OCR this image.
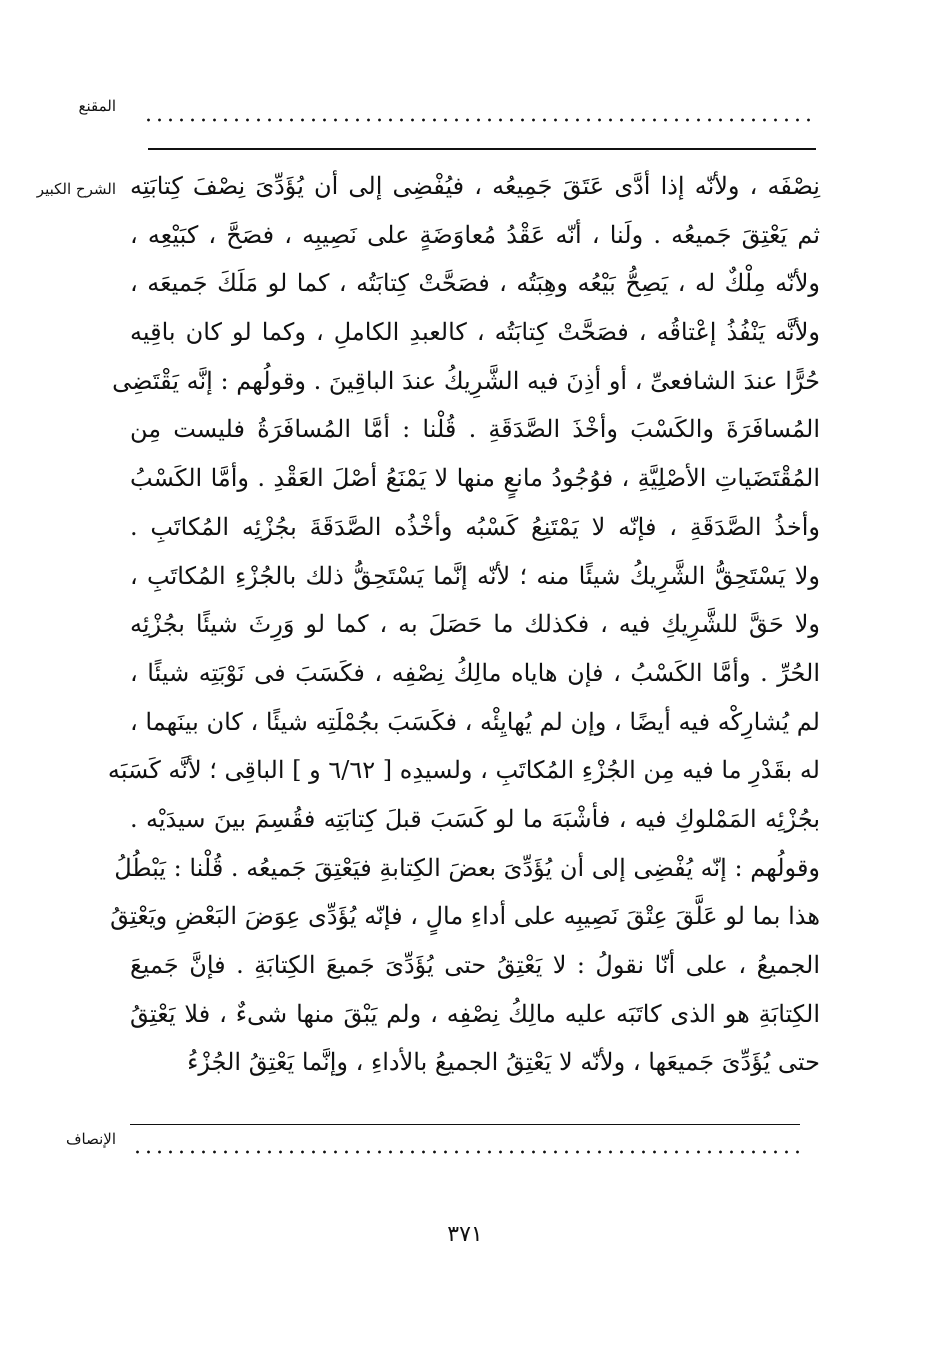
المقنع
الشرح الكبير نِصْفَه ، ولأنّه إذا أدَّى عَتَقَ جَمِيعُه ، فيُفْضِى إلى أن يُؤَدِّىَ نِصْفَ كِتابَتِه
ثم يَعْتِقَ جَميعُه . ولَنا ، أنّه عَقْدُ مُعاوَضَةٍ على نَصِيبِه ، فصَحَّ ، كبَيْعِه ،
ولأنّه مِلْكٌ له ، يَصِحُّ بَيْعُه وهِبَتُه ، فصَحَّتْ كِتابَتُه ، كما لو مَلَكَ جَميعَه ،
ولأنَّه يَنْفُذُ إعْتاقُه ، فصَحَّتْ كِتابَتُه ، كالعبدِ الكاملِ ، وكما لو كان باقِيه
حُرًّا عندَ الشافعىِّ ، أو أذِنَ فيه الشَّرِيكُ عندَ الباقِينَ . وقولُهم : إنَّه يَقْتَضِى
المُسافَرَةَ والكَسْبَ وأخْذَ الصَّدَقَةِ . قُلْنا : أمَّا المُسافَرَةُ فليست مِن
المُقْتَضَياتِ الأصْلِيَّةِ ، فوُجُودُ مانعٍ منها لا يَمْنَعُ أصْلَ العَقْدِ . وأمَّا الكَسْبُ
وأخذُ الصَّدَقَةِ ، فإنّه لا يَمْتَنِعُ كَسْبُه وأخْذُه الصَّدَقَةَ بجُزْئِه المُكاتَبِ .
ولا يَسْتَحِقُّ الشَّرِيكُ شيئًا منه ؛ لأنّه إنَّما يَسْتَحِقُّ ذلك بالجُزْءِ المُكاتَبِ ،
ولا حَقَّ للشَّرِيكِ فيه ، فكذلك ما حَصَلَ به ، كما لو وَرِثَ شيئًا بجُزْئِه
الحُرِّ . وأمَّا الكَسْبُ ، فإن هاياه مالِكُ نِصْفِه ، فكَسَبَ فى نَوْبَتِه شيئًا ،
لم يُشارِكْه فيه أيضًا ، وإن لم يُهايِئْه ، فكَسَبَ بجُمْلَتِه شيئًا ، كان بينَهما ،
له بقَدْرِ ما فيه مِن الجُزْءِ المُكاتَبِ ، ولسيدِه [ ٦/٦٢ و ] الباقِى ؛ لأنَّه كَسَبَه
بجُزْئِه المَمْلوكِ فيه ، فأشْبَهَ ما لو كَسَبَ قبلَ كِتابَتِه فقُسِمَ بينَ سيدَيْه .
وقولُهم : إنّه يُفْضِى إلى أن يُؤَدِّىَ بعضَ الكِتابةِ فيَعْتِقَ جَميعُه . قُلْنا : يَبْطُلُ
هذا بما لو عَلَّقَ عِتْقَ نَصِيبِه على أداءِ مالٍ ، فإنّه يُؤَدِّى عِوَضَ البَعْضِ ويَعْتِقُ
الجميعُ ، على أنّا نقولُ : لا يَعْتِقُ حتى يُؤَدِّىَ جَميعَ الكِتابَةِ . فإنَّ جَميعَ
الكِتابَةِ هو الذى كاتَبَه عليه مالِكُ نِصْفِه ، ولم يَبْقَ منها شىءٌ ، فلا يَعْتِقُ
حتى يُؤَدِّىَ جَميعَها ، ولأنّه لا يَعْتِقُ الجميعُ بالأداءِ ، وإنَّما يَعْتِقُ الجُزْءُ
الإنصاف
٣٧١
